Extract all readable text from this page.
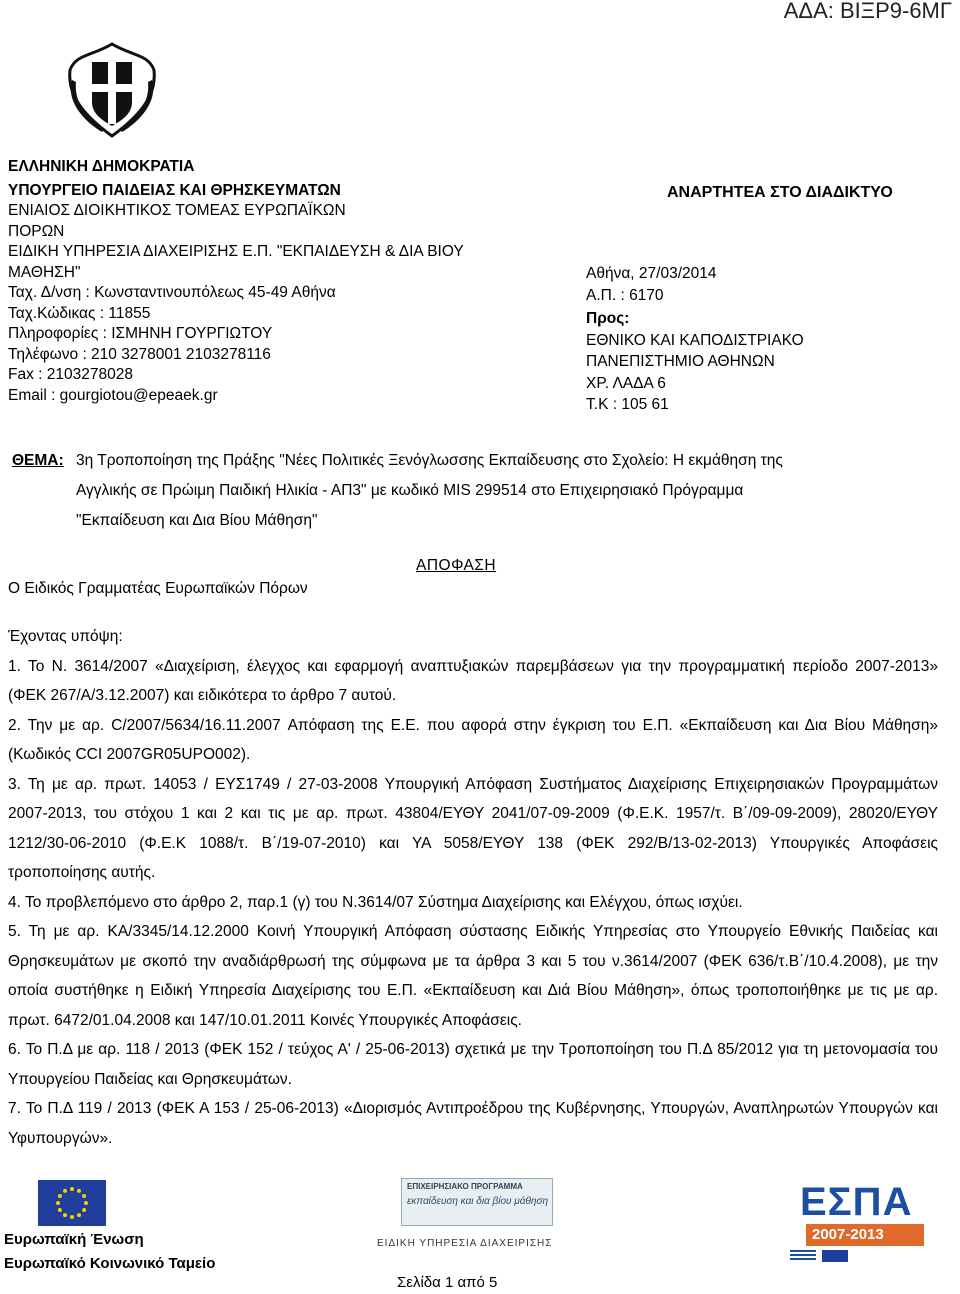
ΑΔΑ: ΒΙΞΡ9-6ΜΓ
ΕΛΛΗΝΙΚΗ ΔΗΜΟΚΡΑΤΙΑ
ΥΠΟΥΡΓΕΙΟ ΠΑΙΔΕΙΑΣ ΚΑΙ ΘΡΗΣΚΕΥΜΑΤΩΝ
ΕΝΙΑΙΟΣ ΔΙΟΙΚΗΤΙΚΟΣ ΤΟΜΕΑΣ ΕΥΡΩΠΑΪΚΩΝ
ΠΟΡΩΝ
ΕΙΔΙΚΗ ΥΠΗΡΕΣΙΑ ΔΙΑΧΕΙΡΙΣΗΣ Ε.Π. "ΕΚΠΑΙΔΕΥΣΗ & ΔΙΑ ΒΙΟΥ
ΜΑΘΗΣΗ"
Ταχ. Δ/νση : Κωνσταντινουπόλεως 45-49 Αθήνα
Ταχ.Κώδικας : 11855
Πληροφορίες : ΙΣΜΗΝΗ ΓΟΥΡΓΙΩΤΟΥ
Τηλέφωνο : 210 3278001 2103278116
Fax : 2103278028
Email : gourgiotou@epeaek.gr
ΑΝΑΡΤΗΤΕΑ ΣΤΟ ΔΙΑΔΙΚΤΥΟ
Αθήνα, 27/03/2014
Α.Π. : 6170
Προς:
ΕΘΝΙΚΟ ΚΑΙ ΚΑΠΟΔΙΣΤΡΙΑΚΟ
ΠΑΝΕΠΙΣΤΗΜΙΟ ΑΘΗΝΩΝ
ΧΡ. ΛΑΔΑ 6
Τ.Κ : 105 61
ΘΕΜΑ: 3η Τροποποίηση της Πράξης "Νέες Πολιτικές Ξενόγλωσσης Εκπαίδευσης στο Σχολείο: Η εκμάθηση της
Αγγλικής σε Πρώιμη Παιδική Ηλικία - ΑΠ3" με κωδικό MIS 299514 στο Επιχειρησιακό Πρόγραμμα
"Εκπαίδευση και Δια Βίου Μάθηση"
ΑΠΟΦΑΣΗ
Ο Ειδικός Γραμματέας Ευρωπαϊκών Πόρων

Έχοντας υπόψη:

1. Το Ν. 3614/2007 «Διαχείριση, έλεγχος και εφαρμογή αναπτυξιακών παρεμβάσεων για την προγραμματική περίοδο 2007-2013» (ΦΕΚ 267/Α/3.12.2007) και ειδικότερα το άρθρο 7 αυτού.

2. Την με αρ. C/2007/5634/16.11.2007 Απόφαση της Ε.Ε. που αφορά στην έγκριση του Ε.Π. «Εκπαίδευση και Δια Βίου Μάθηση» (Κωδικός CCI 2007GR05UPO002).

3. Τη με αρ. πρωτ. 14053 / ΕΥΣ1749 / 27-03-2008 Υπουργική Απόφαση Συστήματος Διαχείρισης Επιχειρησιακών Προγραμμάτων 2007-2013, του στόχου 1 και 2 και τις με αρ. πρωτ. 43804/ΕΥΘΥ 2041/07-09-2009 (Φ.Ε.Κ. 1957/τ. Β΄/09-09-2009), 28020/ΕΥΘΥ 1212/30-06-2010 (Φ.Ε.Κ 1088/τ. Β΄/19-07-2010) και ΥΑ 5058/ΕΥΘΥ 138 (ΦΕΚ 292/Β/13-02-2013) Υπουργικές Αποφάσεις τροποποίησης αυτής.

4. Το προβλεπόμενο στο άρθρο 2, παρ.1 (γ) του Ν.3614/07 Σύστημα Διαχείρισης και Ελέγχου, όπως ισχύει.

5. Τη με αρ. ΚΑ/3345/14.12.2000 Κοινή Υπουργική Απόφαση σύστασης Ειδικής Υπηρεσίας στο Υπουργείο Εθνικής Παιδείας και Θρησκευμάτων με σκοπό την αναδιάρθρωσή της σύμφωνα με τα άρθρα 3 και 5 του ν.3614/2007 (ΦΕΚ 636/τ.Β΄/10.4.2008), με την οποία συστήθηκε η Ειδική Υπηρεσία Διαχείρισης του Ε.Π. «Εκπαίδευση και Διά Βίου Μάθηση», όπως τροποποιήθηκε με τις με αρ. πρωτ. 6472/01.04.2008 και 147/10.01.2011 Κοινές Υπουργικές Αποφάσεις.

6. Το Π.Δ με αρ. 118 / 2013 (ΦΕΚ 152 / τεύχος Α' / 25-06-2013) σχετικά με την Τροποποίηση του Π.Δ 85/2012 για τη μετονομασία του Υπουργείου Παιδείας και Θρησκευμάτων.

7. Το Π.Δ 119 / 2013 (ΦΕΚ Α 153 / 25-06-2013) «Διορισμός Αντιπροέδρου της Κυβέρνησης, Υπουργών, Αναπληρωτών Υπουργών και Υφυπουργών».

Ευρωπαϊκή Ένωση
Ευρωπαϊκό Κοινωνικό Ταμείο
ΕΠΙΧΕΙΡΗΣΙΑΚΟ ΠΡΟΓΡΑΜΜΑ
εκπαίδευση και δια βίου μάθηση
ΕΙΔΙΚΗ ΥΠΗΡΕΣΙΑ ΔΙΑΧΕΙΡΙΣΗΣ
Σελίδα 1 από 5
ΕΣΠΑ
2007-2013
